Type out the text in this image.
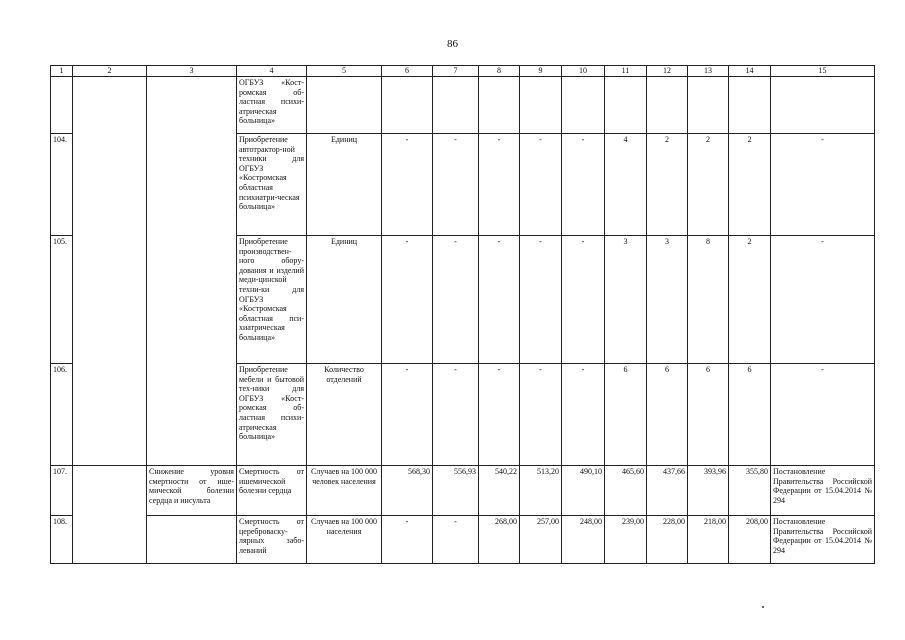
86
1	2	3	4	5	6	7	8	9	10	11	12	13	14	15
			ОГБУЗ «Кост-ромская об-ластная психи-атрическая больница»											
104.			Приобретение автотрактор-ной техники для ОГБУЗ «Костромская областная психиатри-ческая больница»	Единиц	-	-	-	-	-	4	2	2	2	-
105.			Приобретение производствен-ного обору-дования и изделий меди-цинской техни-ки для ОГБУЗ «Костромская областная пси-хиатрическая больница»	Единиц	-	-	-	-	-	3	3	8	2	-
106.			Приобретение мебели и бытовой тех-ники для ОГБУЗ «Кост-ромская об-ластная психи-атрическая больница»	Количество отделений	-	-	-	-	-	6	6	6	6	-
107.		Снижение уровня смертности от ише-мической болезни сердца и инсульта	Смертность от ишемической болезни сердца	Случаев на 100 000 человек населения	568,30	556,93	540,22	513,20	490,10	465,60	437,66	393,96	355,80	Постановление Правительства Российской Федерации от 15.04.2014 № 294
108.			Смертность от цереброваску-лярных забо-леваний	Случаев на 100 000 населения	-	-	268,00	257,00	248,00	239,00	228,00	218,00	208,00	Постановление Правительства Российской Федерации от 15.04.2014 № 294
